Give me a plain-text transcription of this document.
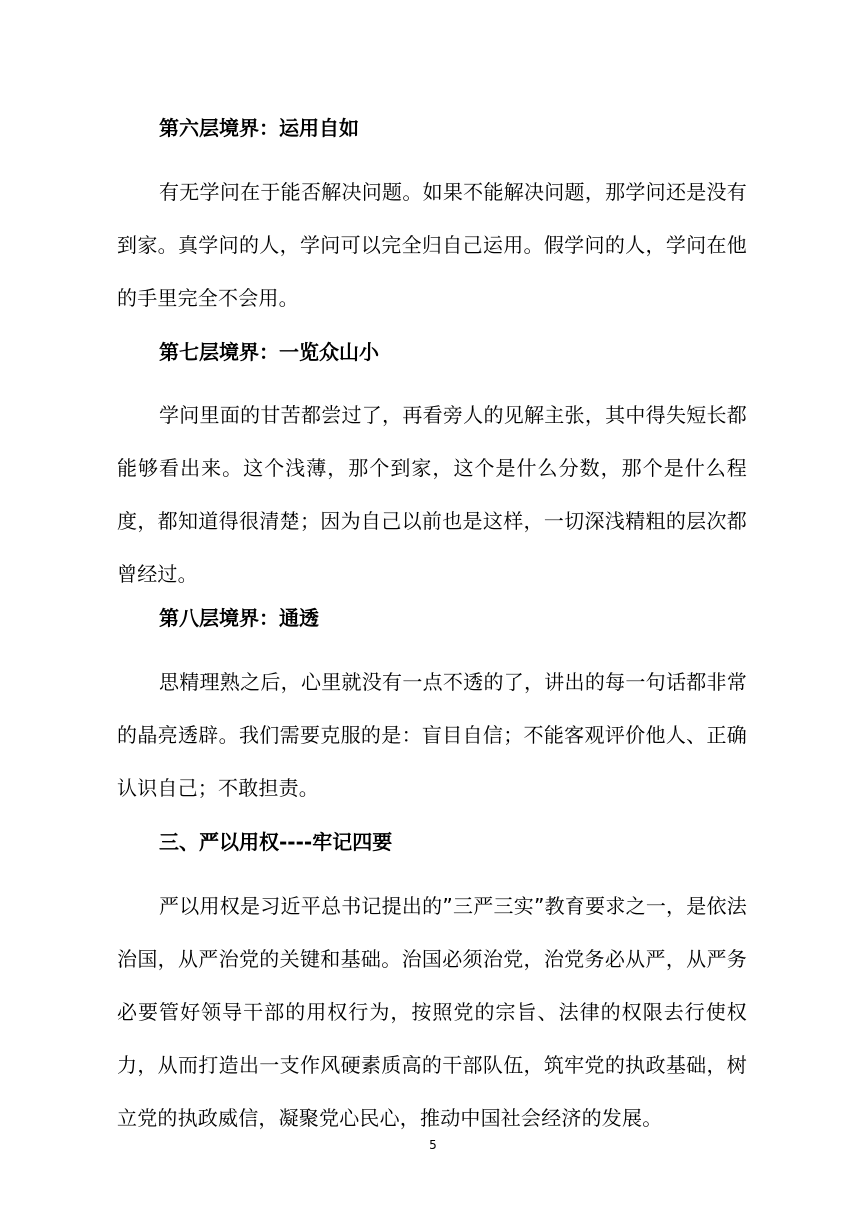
第六层境界：运用自如
有无学问在于能否解决问题。如果不能解决问题，那学问还是没有到家。真学问的人，学问可以完全归自己运用。假学问的人，学问在他的手里完全不会用。
第七层境界：一览众山小
学问里面的甘苦都尝过了，再看旁人的见解主张，其中得失短长都能够看出来。这个浅薄，那个到家，这个是什么分数，那个是什么程度，都知道得很清楚；因为自己以前也是这样，一切深浅精粗的层次都曾经过。
第八层境界：通透
思精理熟之后，心里就没有一点不透的了，讲出的每一句话都非常的晶亮透辟。我们需要克服的是：盲目自信；不能客观评价他人、正确认识自己；不敢担责。
三、严以用权----牢记四要
严以用权是习近平总书记提出的”三严三实”教育要求之一，是依法治国，从严治党的关键和基础。治国必须治党，治党务必从严，从严务必要管好领导干部的用权行为，按照党的宗旨、法律的权限去行使权力，从而打造出一支作风硬素质高的干部队伍，筑牢党的执政基础，树立党的执政威信，凝聚党心民心，推动中国社会经济的发展。
5
